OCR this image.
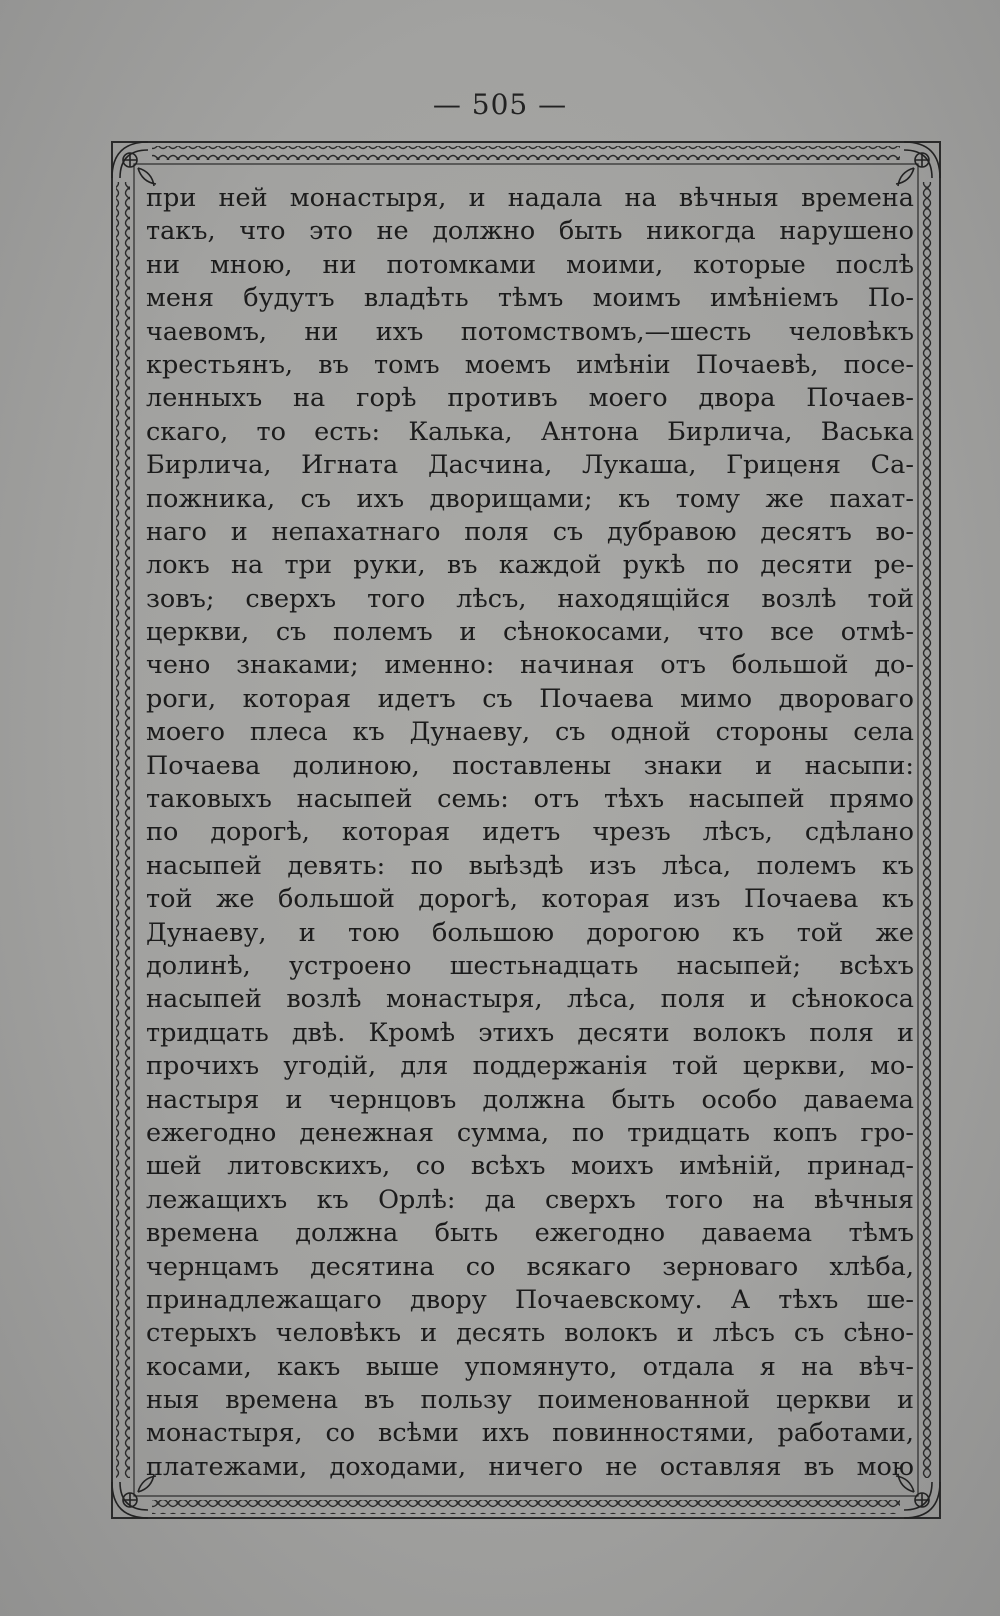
— 505 —
при ней монастыря, и надала на вѣчныя времена
такъ, что это не должно быть никогда нарушено
ни мною, ни потомками моими, которые послѣ
меня будутъ владѣть тѣмъ моимъ имѣніемъ По-
чаевомъ, ни ихъ потомствомъ,—шесть человѣкъ
крестьянъ, въ томъ моемъ имѣніи Почаевѣ, посе-
ленныхъ на горѣ противъ моего двора Почаев-
скаго, то есть: Калька, Антона Бирлича, Васька
Бирлича, Игната Дасчина, Лукаша, Гриценя Са-
пожника, съ ихъ дворищами; къ тому же пахат-
наго и непахатнаго поля съ дубравою десятъ во-
локъ на три руки, въ каждой рукѣ по десяти ре-
зовъ; сверхъ того лѣсъ, находящійся возлѣ той
церкви, съ полемъ и сѣнокосами, что все отмѣ-
чено знаками; именно: начиная отъ большой до-
роги, которая идетъ съ Почаева мимо двороваго
моего плеса къ Дунаеву, съ одной стороны села
Почаева долиною, поставлены знаки и насыпи:
таковыхъ насыпей семь: отъ тѣхъ насыпей прямо
по дорогѣ, которая идетъ чрезъ лѣсъ, сдѣлано
насыпей девять: по выѣздѣ изъ лѣса, полемъ къ
той же большой дорогѣ, которая изъ Почаева къ
Дунаеву, и тою большою дорогою къ той же
долинѣ, устроено шестьнадцать насыпей; всѣхъ
насыпей возлѣ монастыря, лѣса, поля и сѣнокоса
тридцать двѣ. Кромѣ этихъ десяти волокъ поля и
прочихъ угодій, для поддержанія той церкви, мо-
настыря и чернцовъ должна быть особо даваема
ежегодно денежная сумма, по тридцать копъ гро-
шей литовскихъ, со всѣхъ моихъ имѣній, принад-
лежащихъ къ Орлѣ: да сверхъ того на вѣчныя
времена должна быть ежегодно даваема тѣмъ
чернцамъ десятина со всякаго зерноваго хлѣба,
принадлежащаго двору Почаевскому. А тѣхъ ше-
стерыхъ человѣкъ и десять волокъ и лѣсъ съ сѣно-
косами, какъ выше упомянуто, отдала я на вѣч-
ныя времена въ пользу поименованной церкви и
монастыря, со всѣми ихъ повинностями, работами,
платежами, доходами, ничего не оставляя въ мою
